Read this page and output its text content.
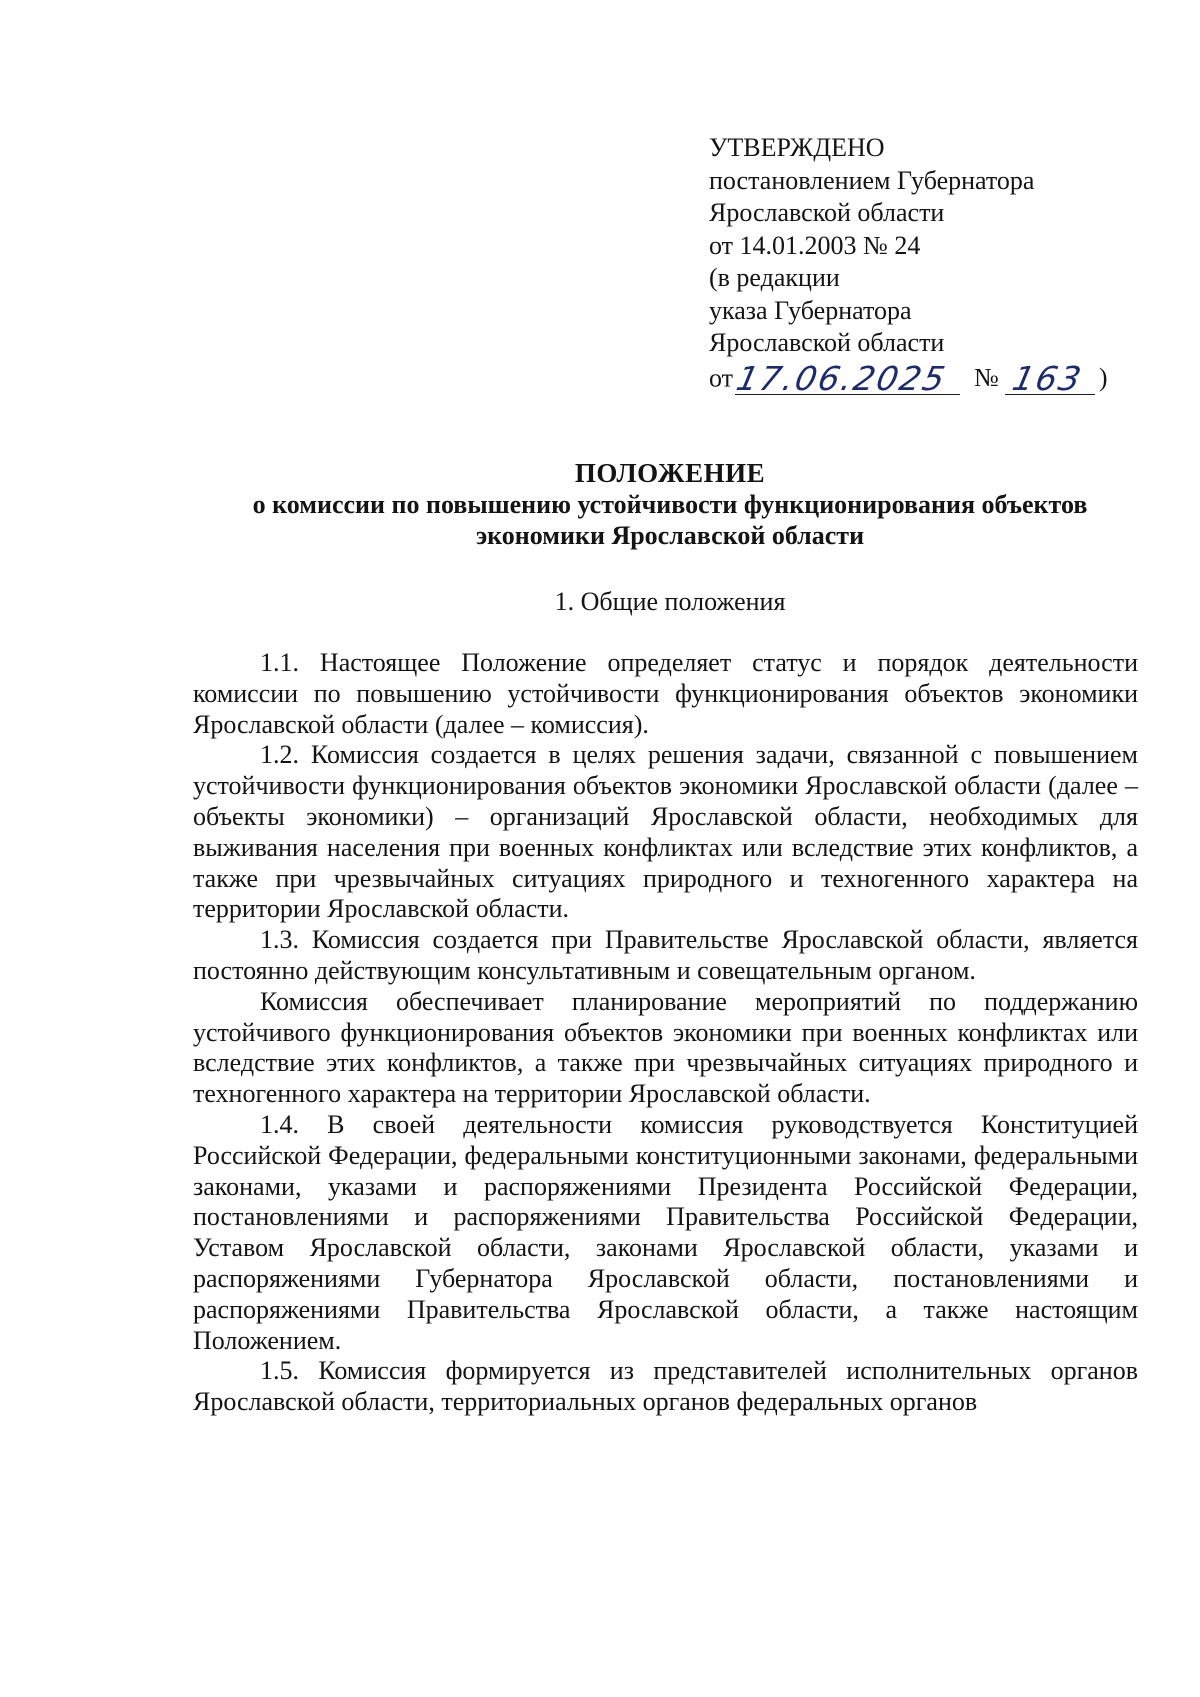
УТВЕРЖДЕНО
постановлением Губернатора
Ярославской области
от 14.01.2003 № 24
(в редакции
указа Губернатора
Ярославской области
от 17.06.2025 № 163 )
ПОЛОЖЕНИЕ
о комиссии по повышению устойчивости функционирования объектов
экономики Ярославской области
1. Общие положения

1.1. Настоящее Положение определяет статус и порядок деятельности комиссии по повышению устойчивости функционирования объектов экономики Ярославской области (далее – комиссия).

1.2. Комиссия создается в целях решения задачи, связанной с повышением устойчивости функционирования объектов экономики Ярославской области (далее – объекты экономики) – организаций Ярославской области, необходимых для выживания населения при военных конфликтах или вследствие этих конфликтов, а также при чрезвычайных ситуациях природного и техногенного характера на территории Ярославской области.

1.3. Комиссия создается при Правительстве Ярославской области, является постоянно действующим консультативным и совещательным органом.

Комиссия обеспечивает планирование мероприятий по поддержанию устойчивого функционирования объектов экономики при военных конфликтах или вследствие этих конфликтов, а также при чрезвычайных ситуациях природного и техногенного характера на территории Ярославской области.

1.4. В своей деятельности комиссия руководствуется Конституцией Российской Федерации, федеральными конституционными законами, федеральными законами, указами и распоряжениями Президента Российской Федерации, постановлениями и распоряжениями Правительства Российской Федерации, Уставом Ярославской области, законами Ярославской области, указами и распоряжениями Губернатора Ярославской области, постановлениями и распоряжениями Правительства Ярославской области, а также настоящим Положением.

1.5. Комиссия формируется из представителей исполнительных органов Ярославской области, территориальных органов федеральных органов
